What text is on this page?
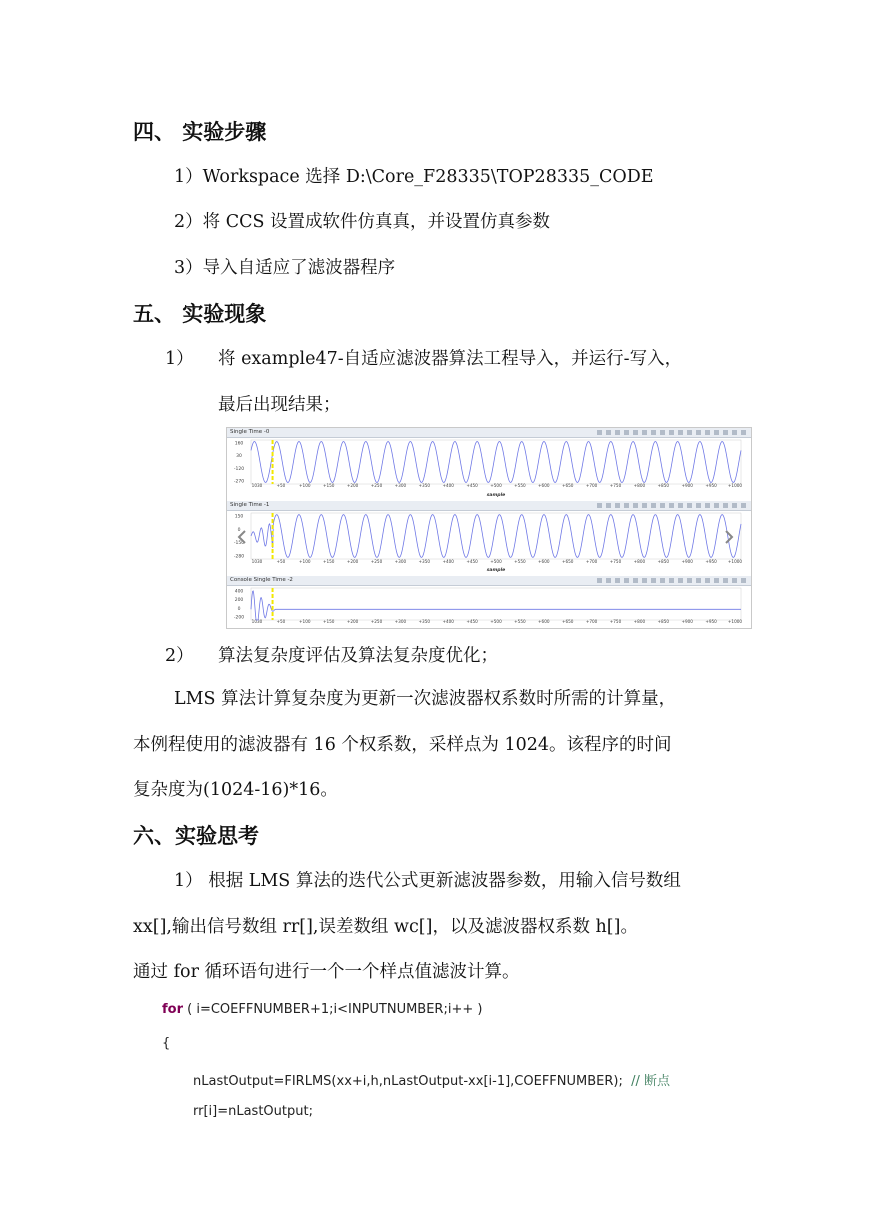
四、 实验步骤
1）Workspace 选择 D:\Core_F28335\TOP28335_CODE
2）将 CCS 设置成软件仿真真，并设置仿真参数
3）导入自适应了滤波器程序
五、 实验现象
1） 将 example47-自适应滤波器算法工程导入，并运行-写入，
最后出现结果；
Single Time -0
160
30
-120
-270
1030	+50	+100	+150	+200	+250	+300	+350	+400	+450	+500	+550	+600	+650	+700	+750	+800	+850	+900	+950	+1000
sample
Single Time -1
150
0
-150
-280
1030	+50	+100	+150	+200	+250	+300	+350	+400	+450	+500	+550	+600	+650	+700	+750	+800	+850	+900	+950	+1000
sample
Console Single Time -2
400
200
0
-200
1030	+50	+100	+150	+200	+250	+300	+350	+400	+450	+500	+550	+600	+650	+700	+750	+800	+850	+900	+950	+1000
2） 算法复杂度评估及算法复杂度优化；
LMS 算法计算复杂度为更新一次滤波器权系数时所需的计算量，
本例程使用的滤波器有 16 个权系数，采样点为 1024。该程序的时间
复杂度为(1024-16)*16。
六、实验思考
1） 根据 LMS 算法的迭代公式更新滤波器参数，用输入信号数组
xx[],输出信号数组 rr[],误差数组 wc[]，以及滤波器权系数 h[]。
通过 for 循环语句进行一个一个样点值滤波计算。
for ( i=COEFFNUMBER+1;i<INPUTNUMBER;i++ )
{
nLastOutput=FIRLMS(xx+i,h,nLastOutput-xx[i-1],COEFFNUMBER); // 断点
rr[i]=nLastOutput;
